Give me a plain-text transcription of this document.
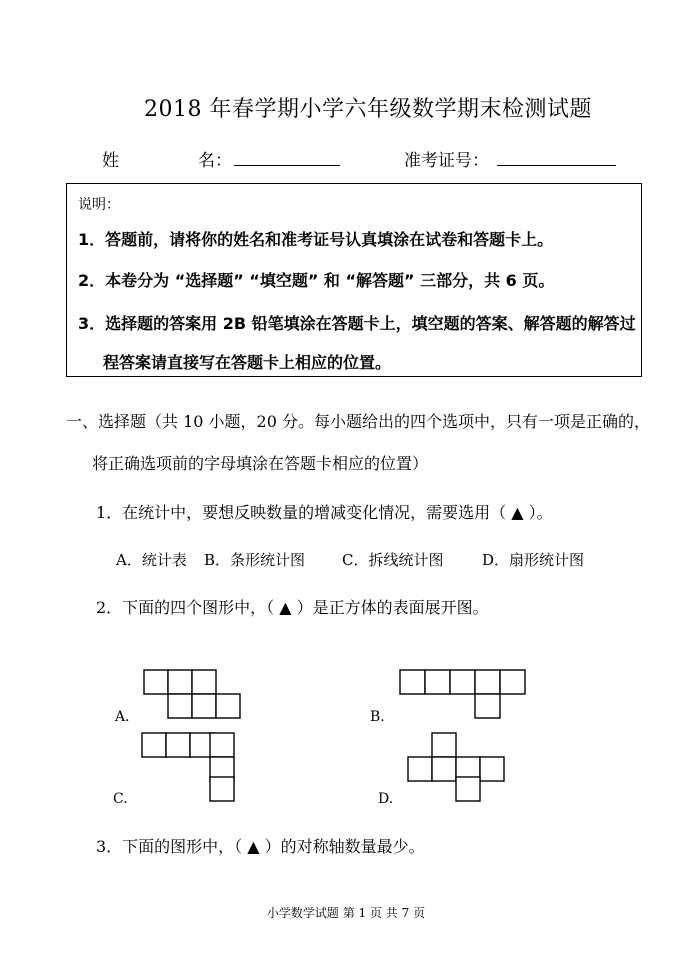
2018 年春学期小学六年级数学期末检测试题
姓	名：	准考证号：
说明：
1．答题前，请将你的姓名和准考证号认真填涂在试卷和答题卡上。
2．本卷分为 “选择题” “填空题” 和 “解答题” 三部分，共 6 页。
3．选择题的答案用 2B 铅笔填涂在答题卡上，填空题的答案、解答题的解答过
程答案请直接写在答题卡上相应的位置。
一、选择题（共 10 小题，20 分。每小题给出的四个选项中，只有一项是正确的，
将正确选项前的字母填涂在答题卡相应的位置）
1．在统计中，要想反映数量的增减变化情况，需要选用（ ▲ ）。
A．统计表 B．条形统计图 C．拆线统计图	D．扇形统计图
2．下面的四个图形中，（ ▲ ）是正方体的表面展开图。
A.	B.
C.	D.
3．下面的图形中，（ ▲ ）的对称轴数量最少。
小学数学试题 第 1 页 共 7 页
